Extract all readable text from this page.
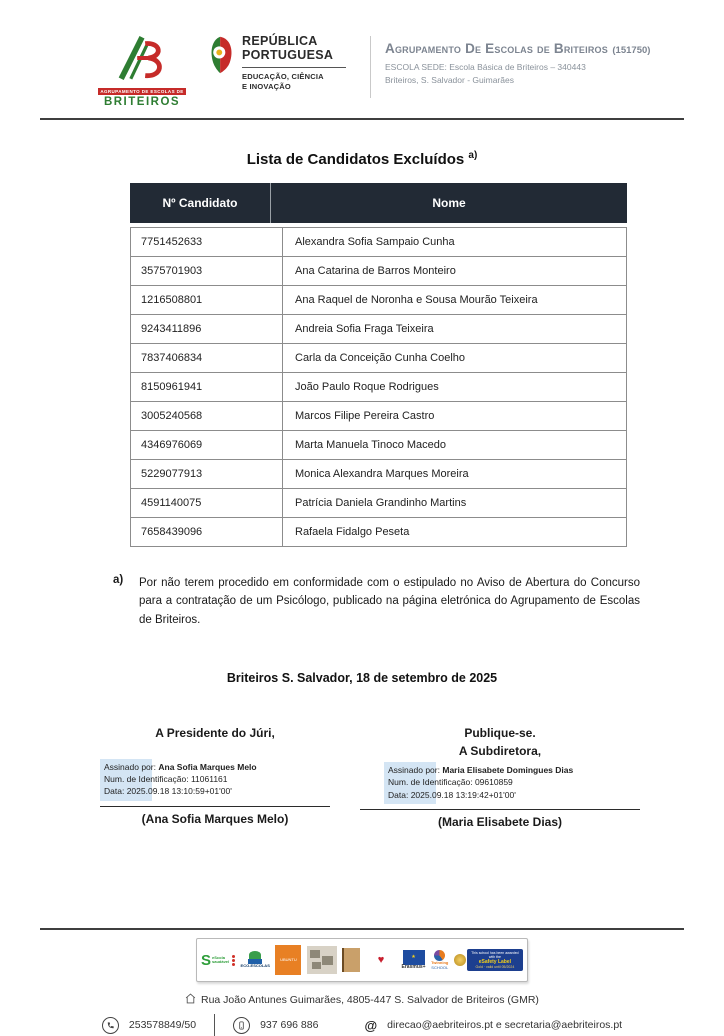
AGRUPAMENTO DE ESCOLAS DE
BRITEIROS
REPÚBLICA
PORTUGUESA
EDUCAÇÃO, CIÊNCIA
E INOVAÇÃO
Agrupamento De Escolas de Briteiros (151750)
ESCOLA SEDE: Escola Básica de Briteiros – 340443
Briteiros, S. Salvador - Guimarães
Lista de Candidatos Excluídos $^{a)}$
Nº Candidato	Nome
7751452633	Alexandra Sofia Sampaio Cunha
3575701903	Ana Catarina de Barros Monteiro
1216508801	Ana Raquel de Noronha e Sousa Mourão Teixeira
9243411896	Andreia Sofia Fraga Teixeira
7837406834	Carla da Conceição Cunha Coelho
8150961941	João Paulo Roque Rodrigues
3005240568	Marcos Filipe Pereira Castro
4346976069	Marta Manuela Tinoco Macedo
5229077913	Monica Alexandra Marques Moreira
4591140075	Patrícia Daniela Grandinho Martins
7658439096	Rafaela Fidalgo Peseta
a)	Por não terem procedido em conformidade com o estipulado no Aviso de Abertura do Concurso para a contratação de um Psicólogo, publicado na página eletrónica do Agrupamento de Escolas de Briteiros.

Briteiros S. Salvador, 18 de setembro de 2025
A Presidente do Júri,
Assinado por: Ana Sofia Marques Melo
Num. de Identificação: 11061161
Data: 2025.09.18 13:10:59+01'00'
(Ana Sofia Marques Melo)
Publique-se.
A Subdiretora,
Assinado por: Maria Elisabete Domingues Dias
Num. de Identificação: 09610859
Data: 2025.09.18 13:19:42+01'00'
(Maria Elisabete Dias)
S eScola saudável
ECO-ESCOLAS
UBUNTU	♥	★
Erasmus+
Twinning
SCHOOL
This school has been awarded with the
eSafety Label
Gold · valid until 05/2024
Rua João Antunes Guimarães, 4805-447 S. Salvador de Briteiros (GMR)
253578849/50	937 696 886	@ direcao@aebriteiros.pt e secretaria@aebriteiros.pt
